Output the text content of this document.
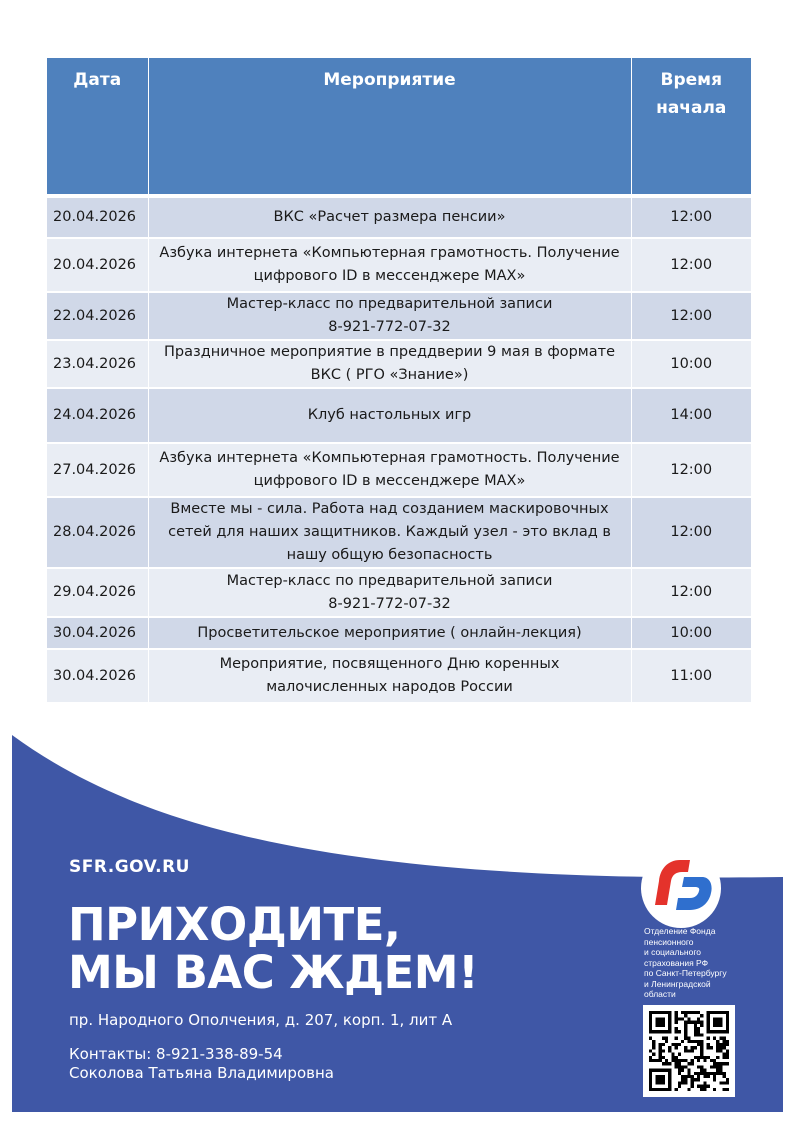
Дата	Мероприятие	Время
начала
20.04.2026	ВКС «Расчет размера пенсии»	12:00
20.04.2026	Азбука интернета «Компьютерная грамотность. Получение
цифрового ID в мессенджере MAX»	12:00
22.04.2026	Мастер-класс по предварительной записи
8-921-772-07-32	12:00
23.04.2026	Праздничное мероприятие в преддверии 9 мая в формате
ВКС ( РГО «Знание»)	10:00
24.04.2026	Клуб настольных игр	14:00
27.04.2026	Азбука интернета «Компьютерная грамотность. Получение
цифрового ID в мессенджере MAX»	12:00
28.04.2026	Вместе мы - сила. Работа над созданием маскировочных
сетей для наших защитников. Каждый узел - это вклад в
нашу общую безопасность	12:00
29.04.2026	Мастер-класс по предварительной записи
8-921-772-07-32	12:00
30.04.2026	Просветительское мероприятие ( онлайн-лекция)	10:00
30.04.2026	Мероприятие, посвященного Дню коренных
малочисленных народов России	11:00
SFR.GOV.RU
ПРИХОДИТЕ,
МЫ ВАС ЖДЕМ!
пр. Народного Ополчения, д. 207, корп. 1, лит А
Контакты: 8-921-338-89-54
Соколова Татьяна Владимировна
Отделение Фонда
пенсионного
и социального
страхования РФ
по Санкт-Петербургу
и Ленинградской
области
